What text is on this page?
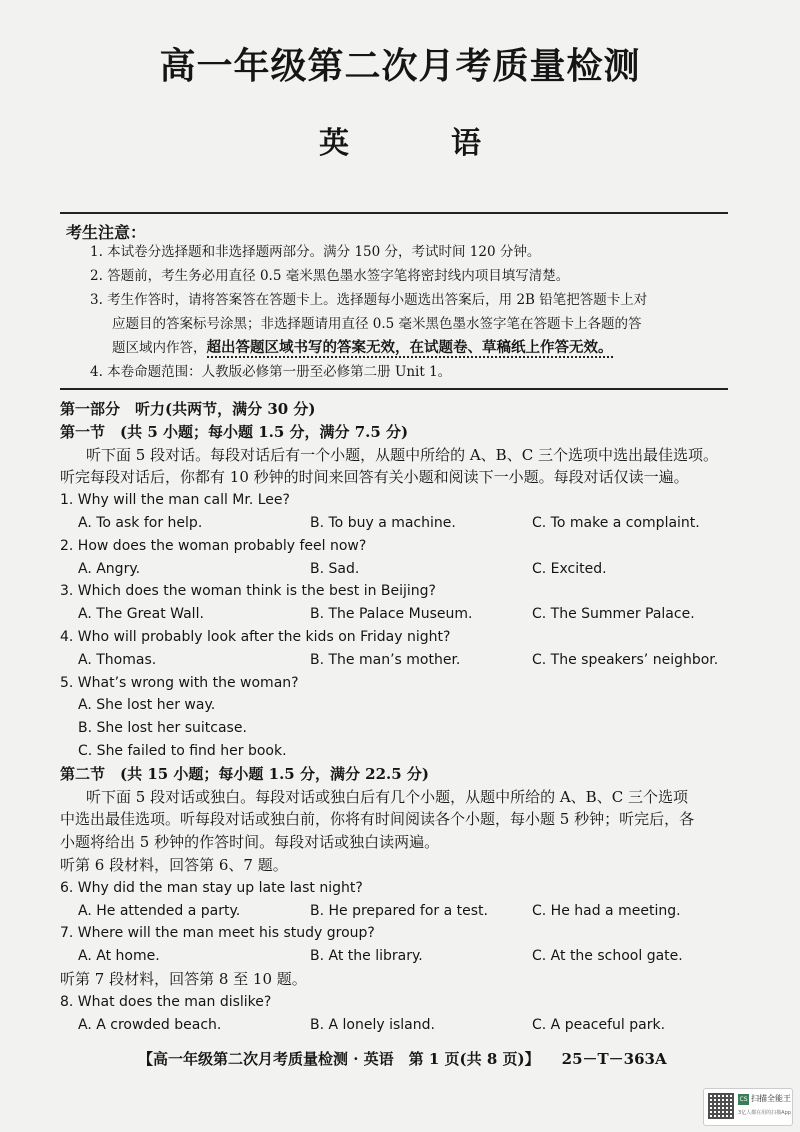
高一年级第二次月考质量检测
英　语
考生注意：
1. 本试卷分选择题和非选择题两部分。满分 150 分，考试时间 120 分钟。
2. 答题前，考生务必用直径 0.5 毫米黑色墨水签字笔将密封线内项目填写清楚。
3. 考生作答时，请将答案答在答题卡上。选择题每小题选出答案后，用 2B 铅笔把答题卡上对
应题目的答案标号涂黑；非选择题请用直径 0.5 毫米黑色墨水签字笔在答题卡上各题的答
题区域内作答，超出答题区域书写的答案无效，在试题卷、草稿纸上作答无效。
4. 本卷命题范围：人教版必修第一册至必修第二册 Unit 1。
第一部分　听力(共两节，满分 30 分)
第一节　(共 5 小题；每小题 1.5 分，满分 7.5 分)
听下面 5 段对话。每段对话后有一个小题，从题中所给的 A、B、C 三个选项中选出最佳选项。
听完每段对话后，你都有 10 秒钟的时间来回答有关小题和阅读下一小题。每段对话仅读一遍。
1. Why will the man call Mr. Lee?
A. To ask for help.	B. To buy a machine.	C. To make a complaint.
2. How does the woman probably feel now?
A. Angry.	B. Sad.	C. Excited.
3. Which does the woman think is the best in Beijing?
A. The Great Wall.	B. The Palace Museum.	C. The Summer Palace.
4. Who will probably look after the kids on Friday night?
A. Thomas.	B. The man’s mother.	C. The speakers’ neighbor.
5. What’s wrong with the woman?
A. She lost her way.
B. She lost her suitcase.
C. She failed to find her book.
第二节　(共 15 小题；每小题 1.5 分，满分 22.5 分)
听下面 5 段对话或独白。每段对话或独白后有几个小题，从题中所给的 A、B、C 三个选项
中选出最佳选项。听每段对话或独白前，你将有时间阅读各个小题，每小题 5 秒钟；听完后，各
小题将给出 5 秒钟的作答时间。每段对话或独白读两遍。
听第 6 段材料，回答第 6、7 题。
6. Why did the man stay up late last night?
A. He attended a party.	B. He prepared for a test.	C. He had a meeting.
7. Where will the man meet his study group?
A. At home.	B. At the library.	C. At the school gate.
听第 7 段材料，回答第 8 至 10 题。
8. What does the man dislike?
A. A crowded beach.	B. A lonely island.	C. A peaceful park.
【高一年级第二次月考质量检测 · 英语　第 1 页(共 8 页)】 25－T－363A
CS 扫描全能王
3亿人都在用的扫描App
